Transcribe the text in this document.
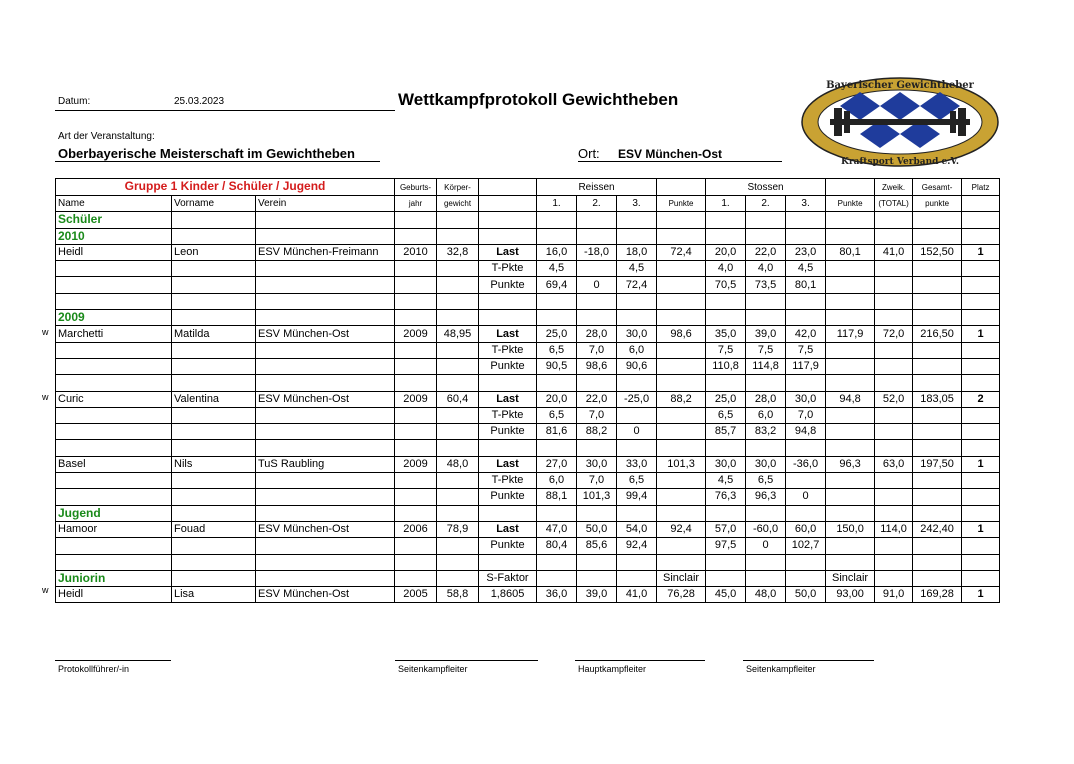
Datum:	25.03.2023	Wettkampfprotokoll Gewichtheben
Art der Veranstaltung:
Oberbayerische Meisterschaft im Gewichtheben	Ort: ESV München-Ost
Bayerischer Gewichtheber
Kraftsport Verband e.V.
Gruppe 1 Kinder / Schüler / Jugend			Geburts-	Körper-		Reissen				Stossen				Zweik.	Gesamt-	Platz
Name	Vorname	Verein	jahr	gewicht		1.	2.	3.	Punkte	1.	2.	3.	Punkte	(TOTAL)	punkte	
Schüler																
2010																
Heidl	Leon	ESV München-Freimann	2010	32,8	Last	16,0	-18,0	18,0	72,4	20,0	22,0	23,0	80,1	41,0	152,50	1
					T-Pkte	4,5		4,5		4,0	4,0	4,5				
					Punkte	69,4	0	72,4		70,5	73,5	80,1				

2009																
Marchetti	Matilda	ESV München-Ost	2009	48,95	Last	25,0	28,0	30,0	98,6	35,0	39,0	42,0	117,9	72,0	216,50	1
					T-Pkte	6,5	7,0	6,0		7,5	7,5	7,5				
					Punkte	90,5	98,6	90,6		110,8	114,8	117,9				

Curic	Valentina	ESV München-Ost	2009	60,4	Last	20,0	22,0	-25,0	88,2	25,0	28,0	30,0	94,8	52,0	183,05	2
					T-Pkte	6,5	7,0			6,5	6,0	7,0				
					Punkte	81,6	88,2	0		85,7	83,2	94,8				

Basel	Nils	TuS Raubling	2009	48,0	Last	27,0	30,0	33,0	101,3	30,0	30,0	-36,0	96,3	63,0	197,50	1
					T-Pkte	6,0	7,0	6,5		4,5	6,5					
					Punkte	88,1	101,3	99,4		76,3	96,3	0				
Jugend																
Hamoor	Fouad	ESV München-Ost	2006	78,9	Last	47,0	50,0	54,0	92,4	57,0	-60,0	60,0	150,0	114,0	242,40	1
					Punkte	80,4	85,6	92,4		97,5	0	102,7				

Juniorin					S-Faktor				Sinclair				Sinclair			
Heidl	Lisa	ESV München-Ost	2005	58,8	1,8605	36,0	39,0	41,0	76,28	45,0	48,0	50,0	93,00	91,0	169,28	1
w
w
w
Protokollführer/-in	Seitenkampfleiter	Hauptkampfleiter	Seitenkampfleiter
